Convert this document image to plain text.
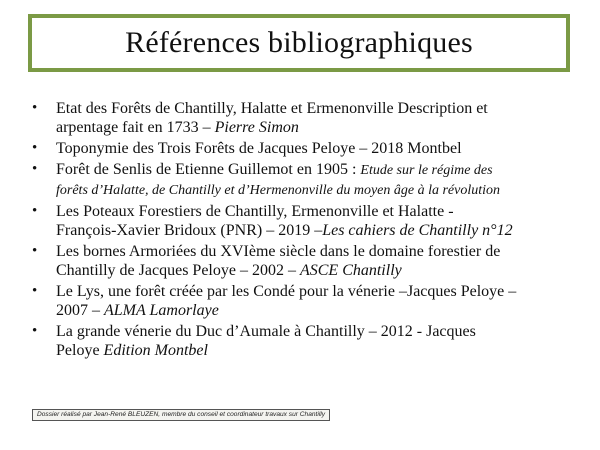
Références bibliographiques
•	Etat des Forêts de Chantilly, Halatte et Ermenonville Description et
arpentage fait en 1733 – Pierre Simon
•	Toponymie des Trois Forêts de Jacques Peloye – 2018 Montbel
•	Forêt de Senlis de Etienne Guillemot en 1905 : Etude sur le régime des
forêts d’Halatte, de Chantilly et d’Hermenonville du moyen âge à la révolution
•	Les Poteaux Forestiers de Chantilly, Ermenonville et Halatte -
François-Xavier Bridoux (PNR) – 2019 –Les cahiers de Chantilly n°12
•	Les bornes Armoriées du XVIème siècle dans le domaine forestier de
Chantilly de Jacques Peloye – 2002 – ASCE Chantilly
•	Le Lys, une forêt créée par les Condé pour la vénerie –Jacques Peloye –
2007 – ALMA Lamorlaye
•	La grande vénerie du Duc d’Aumale à Chantilly – 2012 - Jacques
Peloye Edition Montbel
Dossier réalisé par Jean-René BLEUZEN, membre du conseil et coordinateur travaux sur Chantilly
